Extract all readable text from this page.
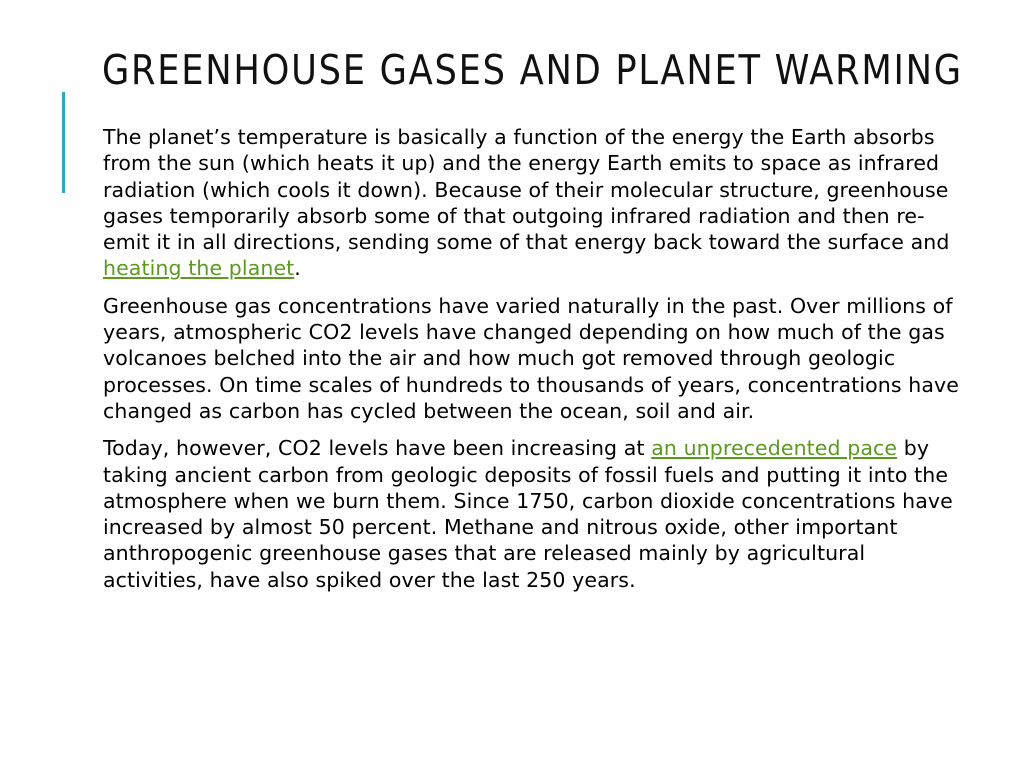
GREENHOUSE GASES AND PLANET WARMING

The planet’s temperature is basically a function of the energy the Earth absorbs from the sun (which heats it up) and the energy Earth emits to space as infrared radiation (which cools it down). Because of their molecular structure, greenhouse gases temporarily absorb some of that outgoing infrared radiation and then re-emit it in all directions, sending some of that energy back toward the surface and heating the planet.

Greenhouse gas concentrations have varied naturally in the past. Over millions of years, atmospheric CO2 levels have changed depending on how much of the gas volcanoes belched into the air and how much got removed through geologic processes. On time scales of hundreds to thousands of years, concentrations have changed as carbon has cycled between the ocean, soil and air.

Today, however, CO2 levels have been increasing at an unprecedented pace by taking ancient carbon from geologic deposits of fossil fuels and putting it into the atmosphere when we burn them. Since 1750, carbon dioxide concentrations have increased by almost 50 percent. Methane and nitrous oxide, other important anthropogenic greenhouse gases that are released mainly by agricultural activities, have also spiked over the last 250 years.
